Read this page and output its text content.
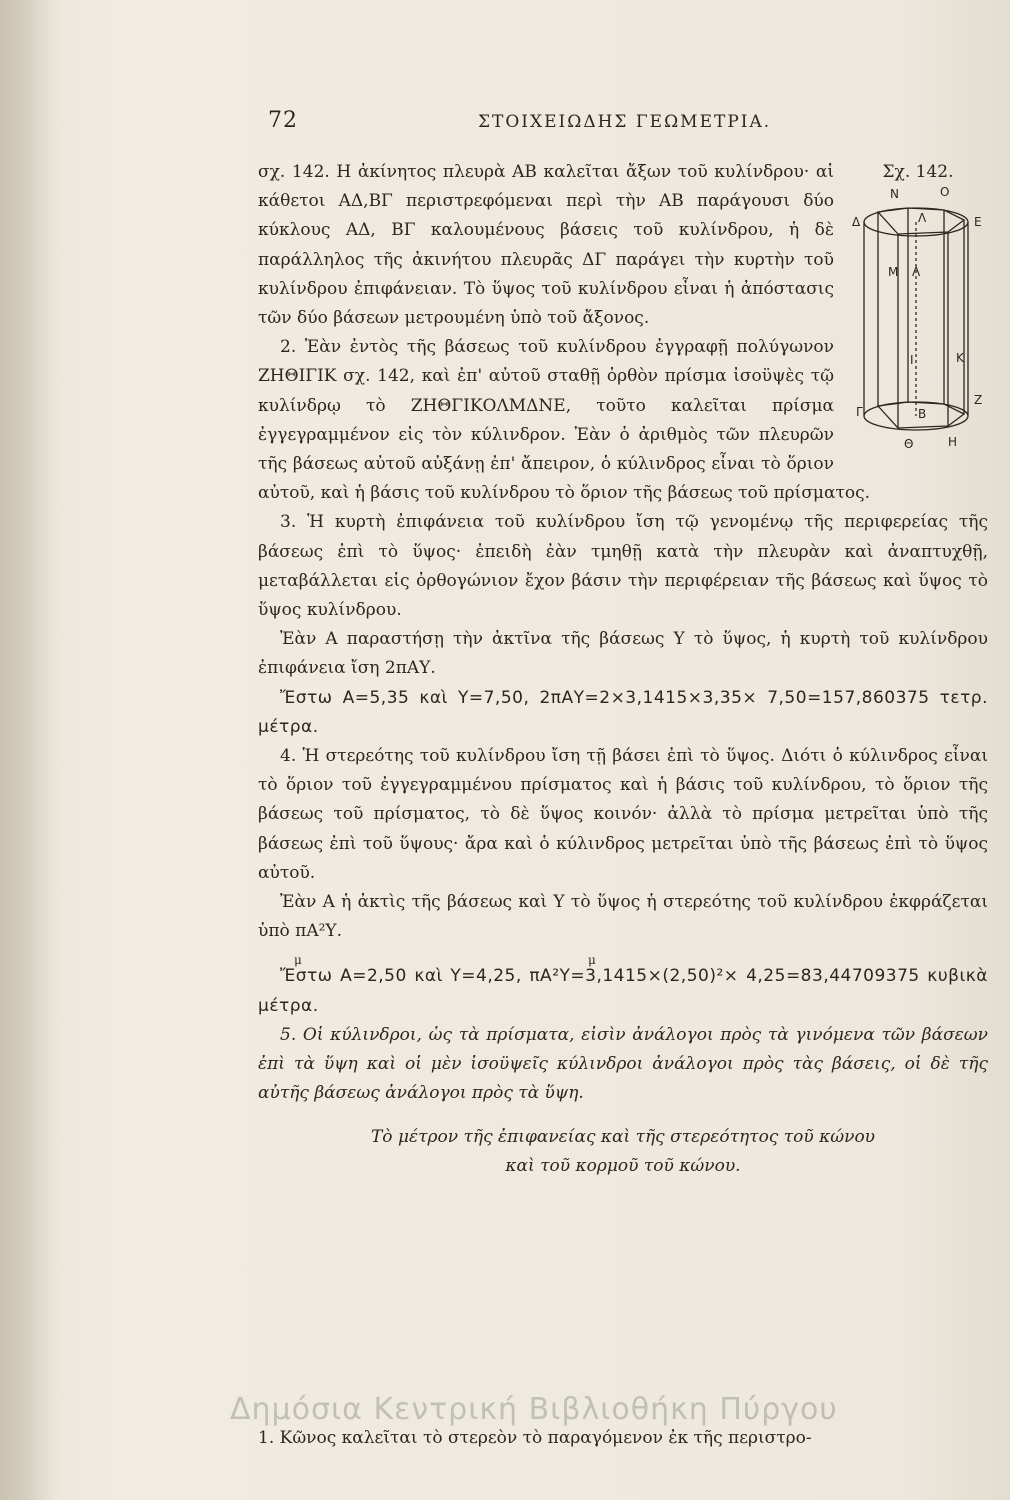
72	ΣΤΟΙΧΕΙΩΔΗΣ ΓΕΩΜΕΤΡΙΑ.
Σχ. 142.
Ν	Ο
Δ	Ε
Λ
Μ Λ
Ι	Κ
Β
Γ
Ζ
Θ	Η

σχ. 142. Η ἀκίνητος πλευρὰ ΑΒ καλεῖται ἄξων τοῦ κυλίνδρου· αἱ κάθετοι ΑΔ,ΒΓ περιστρεφόμεναι περὶ τὴν ΑΒ παράγουσι δύο κύκλους ΑΔ, ΒΓ καλουμένους βάσεις τοῦ κυλίνδρου, ἡ δὲ παράλληλος τῆς ἀκινήτου πλευρᾶς ΔΓ παράγει τὴν κυρτὴν τοῦ κυλίνδρου ἐπιφάνειαν. Τὸ ὕψος τοῦ κυλίνδρου εἶναι ἡ ἀπόστασις τῶν δύο βάσεων μετρουμένη ὑπὸ τοῦ ἄξονος.

2. Ἐὰν ἐντὸς τῆς βάσεως τοῦ κυλίνδρου ἐγγραφῇ πολύγωνον ΖΗΘΙΓΙΚ σχ. 142, καὶ ἐπ' αὐτοῦ σταθῇ ὀρθὸν πρίσμα ἰσοϋψὲς τῷ κυλίνδρῳ τὸ ΖΗΘΓΙΚΟΛΜΔΝΕ, τοῦτο καλεῖται πρίσμα ἐγγεγραμμένον εἰς τὸν κύλινδρον. Ἐὰν ὁ ἀριθμὸς τῶν πλευρῶν τῆς βάσεως αὐτοῦ αὐξάνῃ ἐπ' ἄπειρον, ὁ κύλινδρος εἶναι τὸ ὅριον αὐτοῦ, καὶ ἡ βάσις τοῦ κυλίνδρου τὸ ὅριον τῆς βάσεως τοῦ πρίσματος.

3. Ἡ κυρτὴ ἐπιφάνεια τοῦ κυλίνδρου ἴση τῷ γενομένῳ τῆς περιφερείας τῆς βάσεως ἐπὶ τὸ ὕψος· ἐπειδὴ ἐὰν τμηθῇ κατὰ τὴν πλευρὰν καὶ ἀναπτυχθῇ, μεταβάλλεται εἰς ὀρθογώνιον ἔχον βάσιν τὴν περιφέρειαν τῆς βάσεως καὶ ὕψος τὸ ὕψος κυλίνδρου.

Ἐὰν Α παραστήσῃ τὴν ἀκτῖνα τῆς βάσεως Υ τὸ ὕψος, ἡ κυρτὴ τοῦ κυλίνδρου ἐπιφάνεια ἴση 2πΑΥ.

Ἔστω Α=5,35 καὶ Υ=7,50, 2πΑΥ=2×3,1415×3,35× 7,50=157,860375 τετρ. μέτρα.

4. Ἡ στερεότης τοῦ κυλίνδρου ἴση τῇ βάσει ἐπὶ τὸ ὕψος. Διότι ὁ κύλινδρος εἶναι τὸ ὅριον τοῦ ἐγγεγραμμένου πρίσματος καὶ ἡ βάσις τοῦ κυλίνδρου, τὸ ὅριον τῆς βάσεως τοῦ πρίσματος, τὸ δὲ ὕψος κοινόν· ἀλλὰ τὸ πρίσμα μετρεῖται ὑπὸ τῆς βάσεως ἐπὶ τοῦ ὕψους· ἄρα καὶ ὁ κύλινδρος μετρεῖται ὑπὸ τῆς βάσεως ἐπὶ τὸ ὕψος αὐτοῦ.

Ἐὰν Α ἡ ἀκτὶς τῆς βάσεως καὶ Υ τὸ ὕψος ἡ στερεότης τοῦ κυλίνδρου ἐκφράζεται ὑπὸ πΑ²Υ.

μ	μ

Ἔστω Α=2,50 καὶ Υ=4,25, πΑ²Υ=3,1415×(2,50)²× 4,25=83,44709375 κυβικὰ μέτρα.

5. Οἱ κύλινδροι, ὡς τὰ πρίσματα, εἰσὶν ἀνάλογοι πρὸς τὰ γινόμενα τῶν βάσεων ἐπὶ τὰ ὕψη καὶ οἱ μὲν ἰσοϋψεῖς κύλινδροι ἀνάλογοι πρὸς τὰς βάσεις, οἱ δὲ τῆς αὐτῆς βάσεως ἀνάλογοι πρὸς τὰ ὕψη.

Τὸ μέτρον τῆς ἐπιφανείας καὶ τῆς στερεότητος τοῦ κώνου
καὶ τοῦ κορμοῦ τοῦ κώνου.
Δημόσια Κεντρική Βιβλιοθήκη Πύργου
1. Κῶνος καλεῖται τὸ στερεὸν τὸ παραγόμενον ἐκ τῆς περιστρο-
